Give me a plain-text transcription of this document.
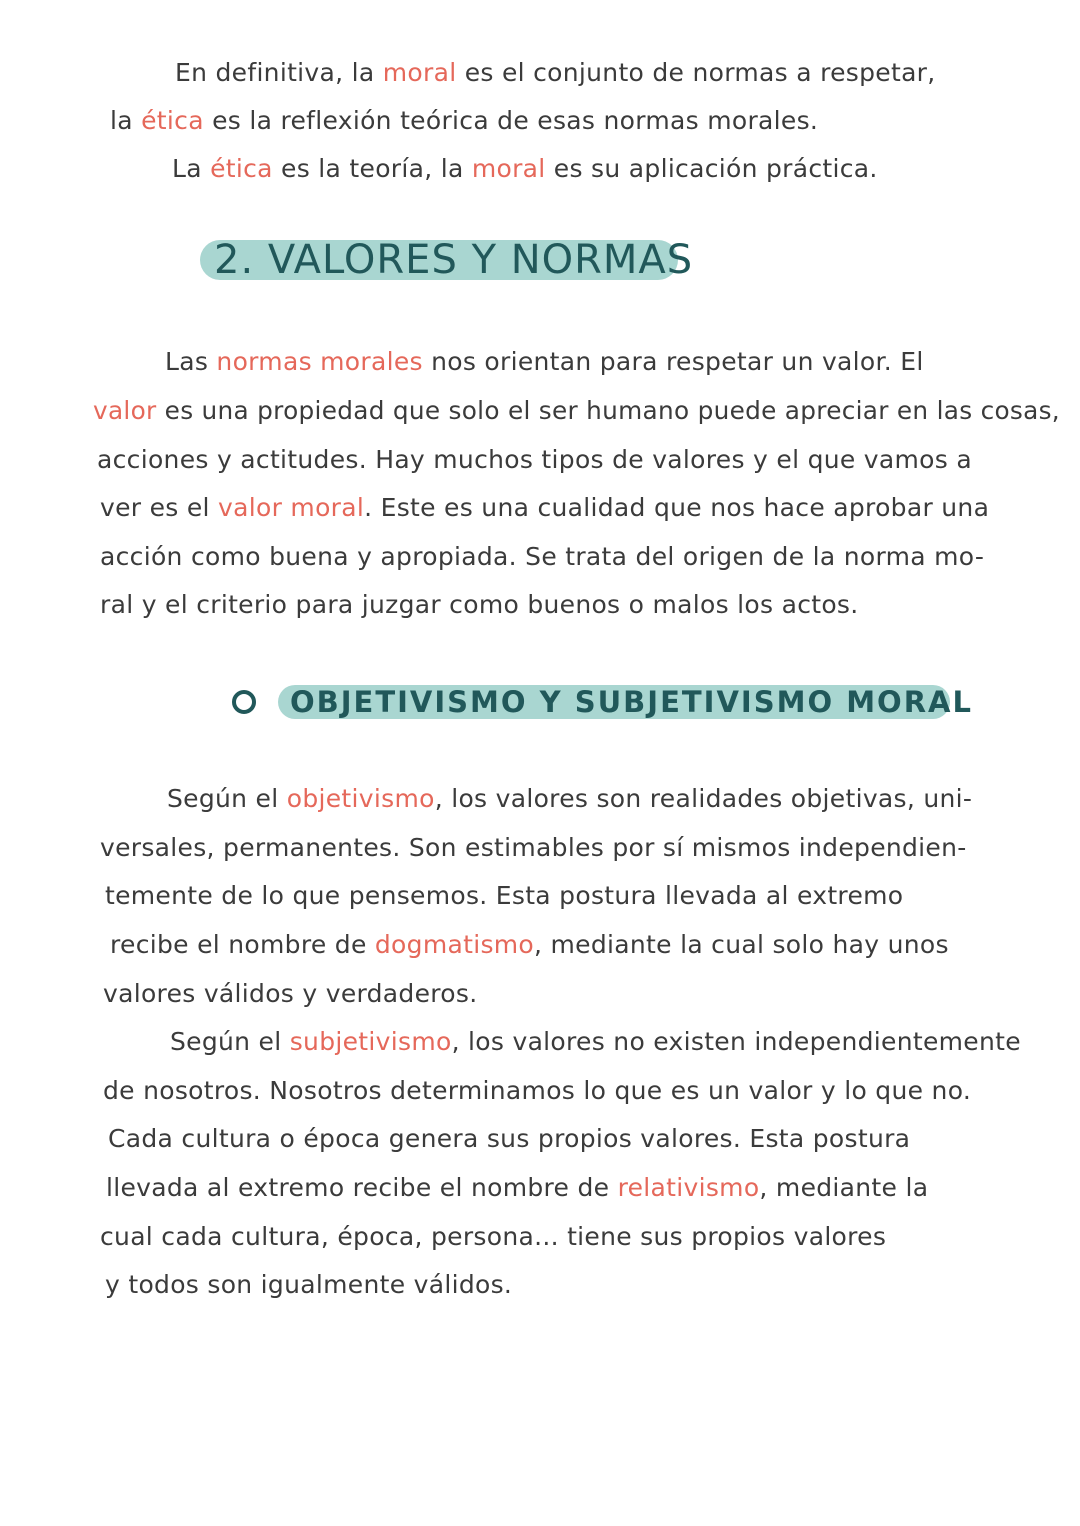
En definitiva, la moral es el conjunto de normas a respetar,
la ética es la reflexión teórica de esas normas morales.
La ética es la teoría, la moral es su aplicación práctica.
2. VALORES Y NORMAS
Las normas morales nos orientan para respetar un valor. El
valor es una propiedad que solo el ser humano puede apreciar en las cosas,
acciones y actitudes. Hay muchos tipos de valores y el que vamos a
ver es el valor moral. Este es una cualidad que nos hace aprobar una
acción como buena y apropiada. Se trata del origen de la norma mo-
ral y el criterio para juzgar como buenos o malos los actos.
OBJETIVISMO Y SUBJETIVISMO MORAL
Según el objetivismo, los valores son realidades objetivas, uni-
versales, permanentes. Son estimables por sí mismos independien-
temente de lo que pensemos. Esta postura llevada al extremo
recibe el nombre de dogmatismo, mediante la cual solo hay unos
valores válidos y verdaderos.
Según el subjetivismo, los valores no existen independientemente
de nosotros. Nosotros determinamos lo que es un valor y lo que no.
Cada cultura o época genera sus propios valores. Esta postura
llevada al extremo recibe el nombre de relativismo, mediante la
cual cada cultura, época, persona... tiene sus propios valores
y todos son igualmente válidos.
